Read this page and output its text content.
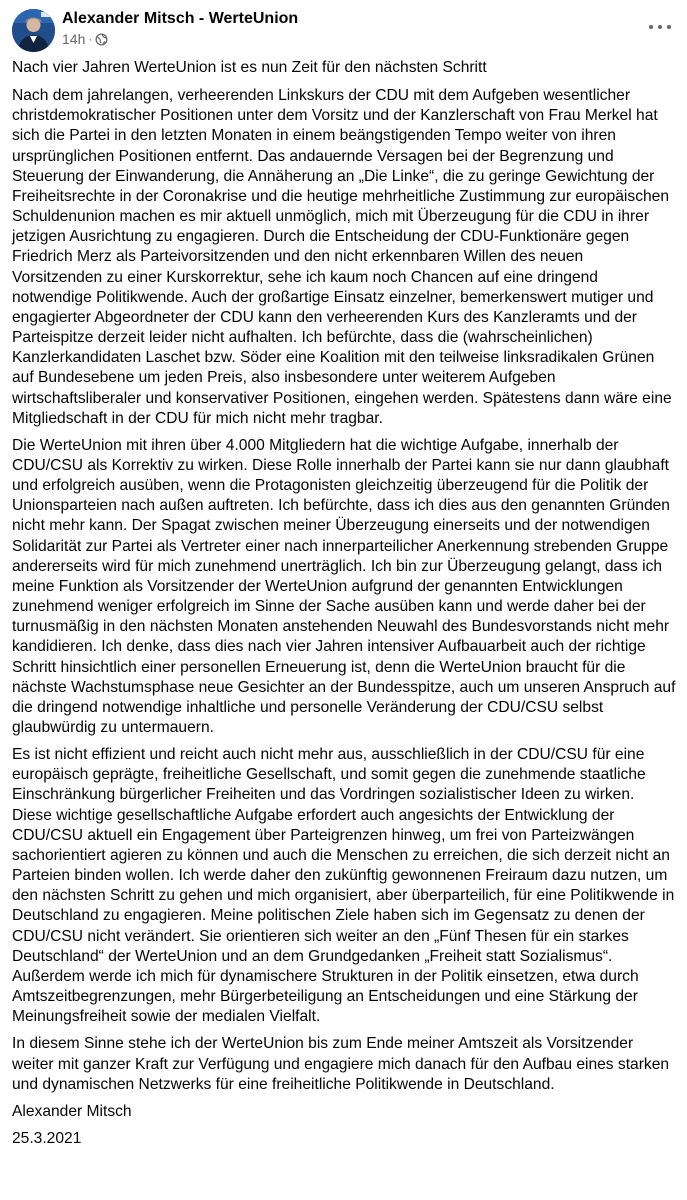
Alexander Mitsch - WerteUnion
14h ·

Nach vier Jahren WerteUnion ist es nun Zeit für den nächsten Schritt

Nach dem jahrelangen, verheerenden Linkskurs der CDU mit dem Aufgeben wesentlicher christdemokratischer Positionen unter dem Vorsitz und der Kanzlerschaft von Frau Merkel hat sich die Partei in den letzten Monaten in einem beängstigenden Tempo weiter von ihren ursprünglichen Positionen entfernt. Das andauernde Versagen bei der Begrenzung und Steuerung der Einwanderung, die Annäherung an „Die Linke“, die zu geringe Gewichtung der Freiheitsrechte in der Coronakrise und die heutige mehrheitliche Zustimmung zur europäischen Schuldenunion machen es mir aktuell unmöglich, mich mit Überzeugung für die CDU in ihrer jetzigen Ausrichtung zu engagieren. Durch die Entscheidung der CDU-Funktionäre gegen Friedrich Merz als Parteivorsitzenden und den nicht erkennbaren Willen des neuen Vorsitzenden zu einer Kurskorrektur, sehe ich kaum noch Chancen auf eine dringend notwendige Politikwende. Auch der großartige Einsatz einzelner, bemerkenswert mutiger und engagierter Abgeordneter der CDU kann den verheerenden Kurs des Kanzleramts und der Parteispitze derzeit leider nicht aufhalten. Ich befürchte, dass die (wahrscheinlichen) Kanzlerkandidaten Laschet bzw. Söder eine Koalition mit den teilweise linksradikalen Grünen auf Bundesebene um jeden Preis, also insbesondere unter weiterem Aufgeben wirtschaftsliberaler und konservativer Positionen, eingehen werden. Spätestens dann wäre eine Mitgliedschaft in der CDU für mich nicht mehr tragbar.

Die WerteUnion mit ihren über 4.000 Mitgliedern hat die wichtige Aufgabe, innerhalb der CDU/CSU als Korrektiv zu wirken. Diese Rolle innerhalb der Partei kann sie nur dann glaubhaft und erfolgreich ausüben, wenn die Protagonisten gleichzeitig überzeugend für die Politik der Unionsparteien nach außen auftreten. Ich befürchte, dass ich dies aus den genannten Gründen nicht mehr kann. Der Spagat zwischen meiner Überzeugung einerseits und der notwendigen Solidarität zur Partei als Vertreter einer nach innerparteilicher Anerkennung strebenden Gruppe andererseits wird für mich zunehmend unerträglich. Ich bin zur Überzeugung gelangt, dass ich meine Funktion als Vorsitzender der WerteUnion aufgrund der genannten Entwicklungen zunehmend weniger erfolgreich im Sinne der Sache ausüben kann und werde daher bei der turnusmäßig in den nächsten Monaten anstehenden Neuwahl des Bundesvorstands nicht mehr kandidieren. Ich denke, dass dies nach vier Jahren intensiver Aufbauarbeit auch der richtige Schritt hinsichtlich einer personellen Erneuerung ist, denn die WerteUnion braucht für die nächste Wachstumsphase neue Gesichter an der Bundesspitze, auch um unseren Anspruch auf die dringend notwendige inhaltliche und personelle Veränderung der CDU/CSU selbst glaubwürdig zu untermauern.

Es ist nicht effizient und reicht auch nicht mehr aus, ausschließlich in der CDU/CSU für eine europäisch geprägte, freiheitliche Gesellschaft, und somit gegen die zunehmende staatliche Einschränkung bürgerlicher Freiheiten und das Vordringen sozialistischer Ideen zu wirken. Diese wichtige gesellschaftliche Aufgabe erfordert auch angesichts der Entwicklung der CDU/CSU aktuell ein Engagement über Parteigrenzen hinweg, um frei von Parteizwängen sachorientiert agieren zu können und auch die Menschen zu erreichen, die sich derzeit nicht an Parteien binden wollen. Ich werde daher den zukünftig gewonnenen Freiraum dazu nutzen, um den nächsten Schritt zu gehen und mich organisiert, aber überparteilich, für eine Politikwende in Deutschland zu engagieren. Meine politischen Ziele haben sich im Gegensatz zu denen der CDU/CSU nicht verändert. Sie orientieren sich weiter an den „Fünf Thesen für ein starkes Deutschland“ der WerteUnion und an dem Grundgedanken „Freiheit statt Sozialismus“. Außerdem werde ich mich für dynamischere Strukturen in der Politik einsetzen, etwa durch Amtszeitbegrenzungen, mehr Bürgerbeteiligung an Entscheidungen und eine Stärkung der Meinungsfreiheit sowie der medialen Vielfalt.

In diesem Sinne stehe ich der WerteUnion bis zum Ende meiner Amtszeit als Vorsitzender weiter mit ganzer Kraft zur Verfügung und engagiere mich danach für den Aufbau eines starken und dynamischen Netzwerks für eine freiheitliche Politikwende in Deutschland.

Alexander Mitsch

25.3.2021
